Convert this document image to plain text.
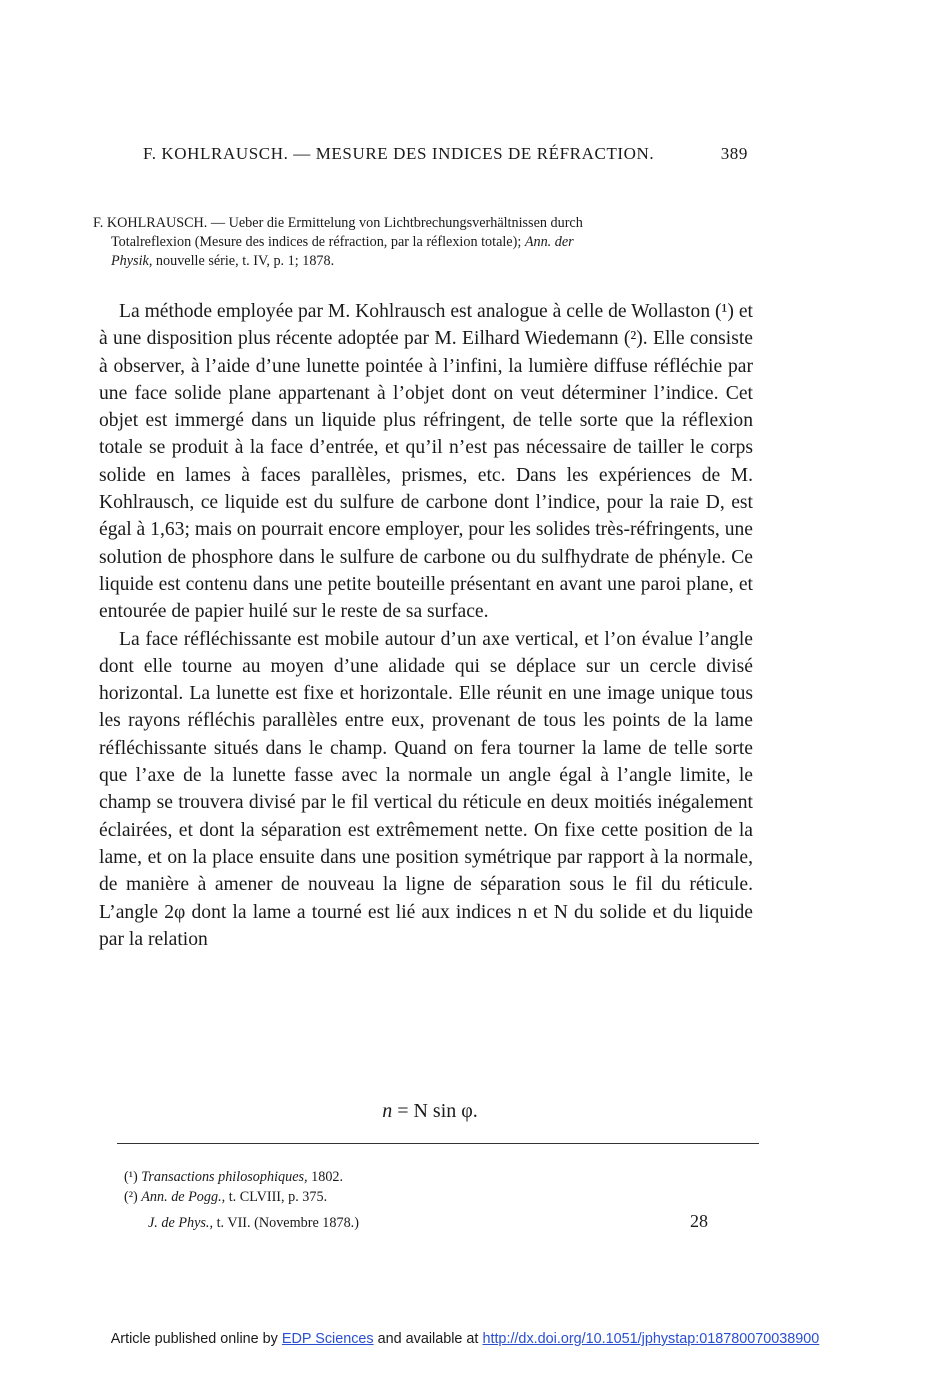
F. KOHLRAUSCH. — MESURE DES INDICES DE RÉFRACTION.	389
F. KOHLRAUSCH. — Ueber die Ermittelung von Lichtbrechungsverhältnissen durch
Totalreflexion (Mesure des indices de réfraction, par la réflexion totale); Ann. der
Physik, nouvelle série, t. IV, p. 1; 1878.

La méthode employée par M. Kohlrausch est analogue à celle de Wollaston (¹) et à une disposition plus récente adoptée par M. Eilhard Wiedemann (²). Elle consiste à observer, à l’aide d’une lunette pointée à l’infini, la lumière diffuse réfléchie par une face solide plane appartenant à l’objet dont on veut déterminer l’indice. Cet objet est immergé dans un liquide plus réfringent, de telle sorte que la réflexion totale se produit à la face d’entrée, et qu’il n’est pas nécessaire de tailler le corps solide en lames à faces parallèles, prismes, etc. Dans les expériences de M. Kohlrausch, ce liquide est du sulfure de carbone dont l’indice, pour la raie D, est égal à 1,63; mais on pourrait encore employer, pour les solides très-réfringents, une solution de phosphore dans le sulfure de carbone ou du sulfhydrate de phényle. Ce liquide est contenu dans une petite bouteille présentant en avant une paroi plane, et entourée de papier huilé sur le reste de sa surface.

La face réfléchissante est mobile autour d’un axe vertical, et l’on évalue l’angle dont elle tourne au moyen d’une alidade qui se déplace sur un cercle divisé horizontal. La lunette est fixe et horizontale. Elle réunit en une image unique tous les rayons réfléchis parallèles entre eux, provenant de tous les points de la lame réfléchissante situés dans le champ. Quand on fera tourner la lame de telle sorte que l’axe de la lunette fasse avec la normale un angle égal à l’angle limite, le champ se trouvera divisé par le fil vertical du réticule en deux moitiés inégalement éclairées, et dont la séparation est extrêmement nette. On fixe cette position de la lame, et on la place ensuite dans une position symétrique par rapport à la normale, de manière à amener de nouveau la ligne de séparation sous le fil du réticule. L’angle 2φ dont la lame a tourné est lié aux indices n et N du solide et du liquide par la relation

n = N sin φ.
(¹) Transactions philosophiques, 1802.
(²) Ann. de Pogg., t. CLVIII, p. 375.
J. de Phys., t. VII. (Novembre 1878.)	28
Article published online by EDP Sciences and available at http://dx.doi.org/10.1051/jphystap:018780070038900
